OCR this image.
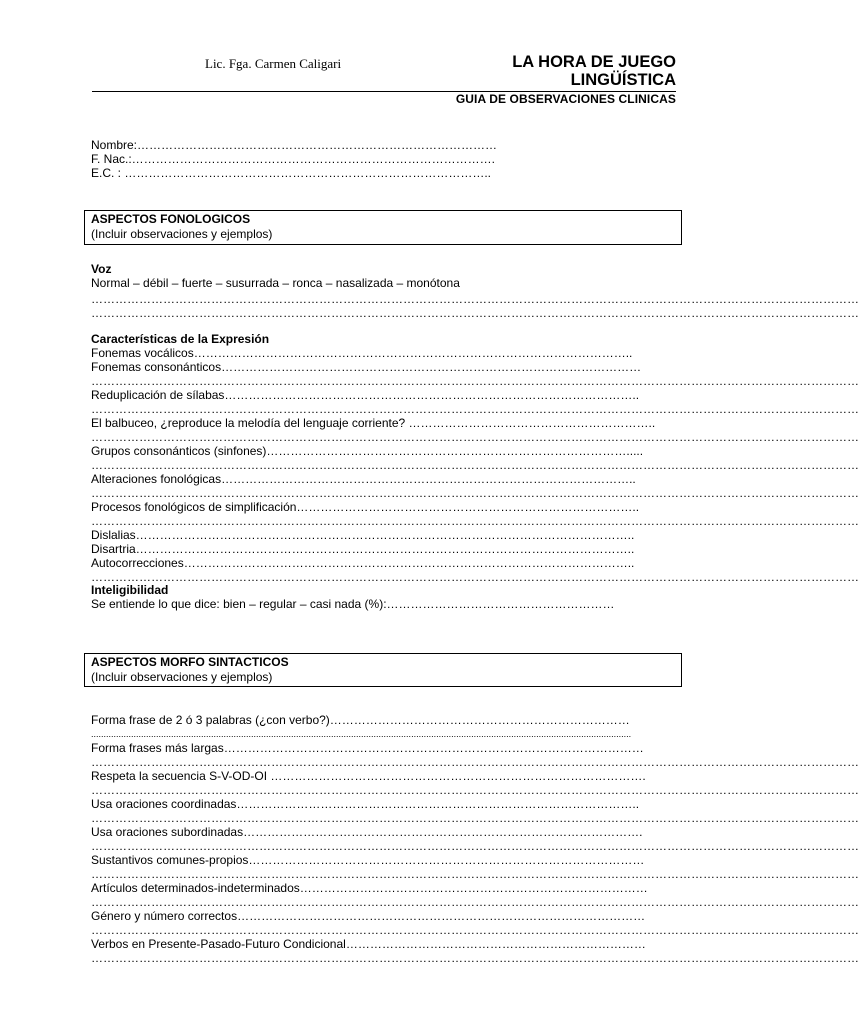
Lic. Fga. Carmen Caligari	LA HORA DE JUEGO
LINGÜÍSTICA
GUIA DE OBSERVACIONES CLINICAS
Nombre:………………………………………………………………………………
F. Nac.:……………………………………………………………………………….
E.C. : ………………………………………………………………………………..
ASPECTOS FONOLOGICOS
(Incluir observaciones y ejemplos)
Voz
Normal – débil – fuerte – susurrada – ronca – nasalizada – monótona
…………………………………………………………………………………………………………………………………………………………………………
…………………………………………………………………………………………………………………………………………………………………………
Características de la Expresión
Fonemas vocálicos………………………………………………………………………………………………..
Fonemas consonánticos……………………………………………………………………………………………
…………………………………………………………………………………………………………………………………………………………………………
Reduplicación de sílabas…………………………………………………………………………………………..
…………………………………………………………………………………………………………………………………………………………………………
El balbuceo, ¿reproduce la melodía del lenguaje corriente? ……………………………………………………..
…………………………………………………………………………………………………………………………………………………………………………
Grupos consonánticos (sinfones)……………………………………………………………………………….....
…………………………………………………………………………………………………………………………………………………………………………
Alteraciones fonológicas…………………………………………………………………………………………..
…………………………………………………………………………………………………………………………………………………………………………
Procesos fonológicos de simplificación…………………………………………………………………………..
…………………………………………………………………………………………………………………………………………………………………………
Dislalias……………………………………………………………………………………………………………..
Disartria……………………………………………………………………………………………………………..
Autocorrecciones…………………………………………………………………………………………………..
…………………………………………………………………………………………………………………………………………………………………………
Inteligibilidad
Se entiende lo que dice: bien – regular – casi nada (%):…………………………………………………
ASPECTOS MORFO SINTACTICOS
(Incluir observaciones y ejemplos)
Forma frase de 2 ó 3 palabras (¿con verbo?)…………………………………………………………………
........................................................................................................................................................................................................................
Forma frases más largas……………………………………………………………………………………………
…………………………………………………………………………………………………………………………………………………………………………
Respeta la secuencia S-V-OD-OI ………………………………………………………………………………….
…………………………………………………………………………………………………………………………………………………………………………
Usa oraciones coordinadas………………………………………………………………………………………..
…………………………………………………………………………………………………………………………………………………………………………
Usa oraciones subordinadas……………………………………………………………………………………….
…………………………………………………………………………………………………………………………………………………………………………
Sustantivos comunes-propios………………………………………………………………………………………
…………………………………………………………………………………………………………………………………………………………………………
Artículos determinados-indeterminados……………………………………………………………………………
…………………………………………………………………………………………………………………………………………………………………………
Género y número correctos…………………………………………………………………………………………
…………………………………………………………………………………………………………………………………………………………………………
Verbos en Presente-Pasado-Futuro Condicional…………………………………………………………………
…………………………………………………………………………………………………………………………………………………………………………
